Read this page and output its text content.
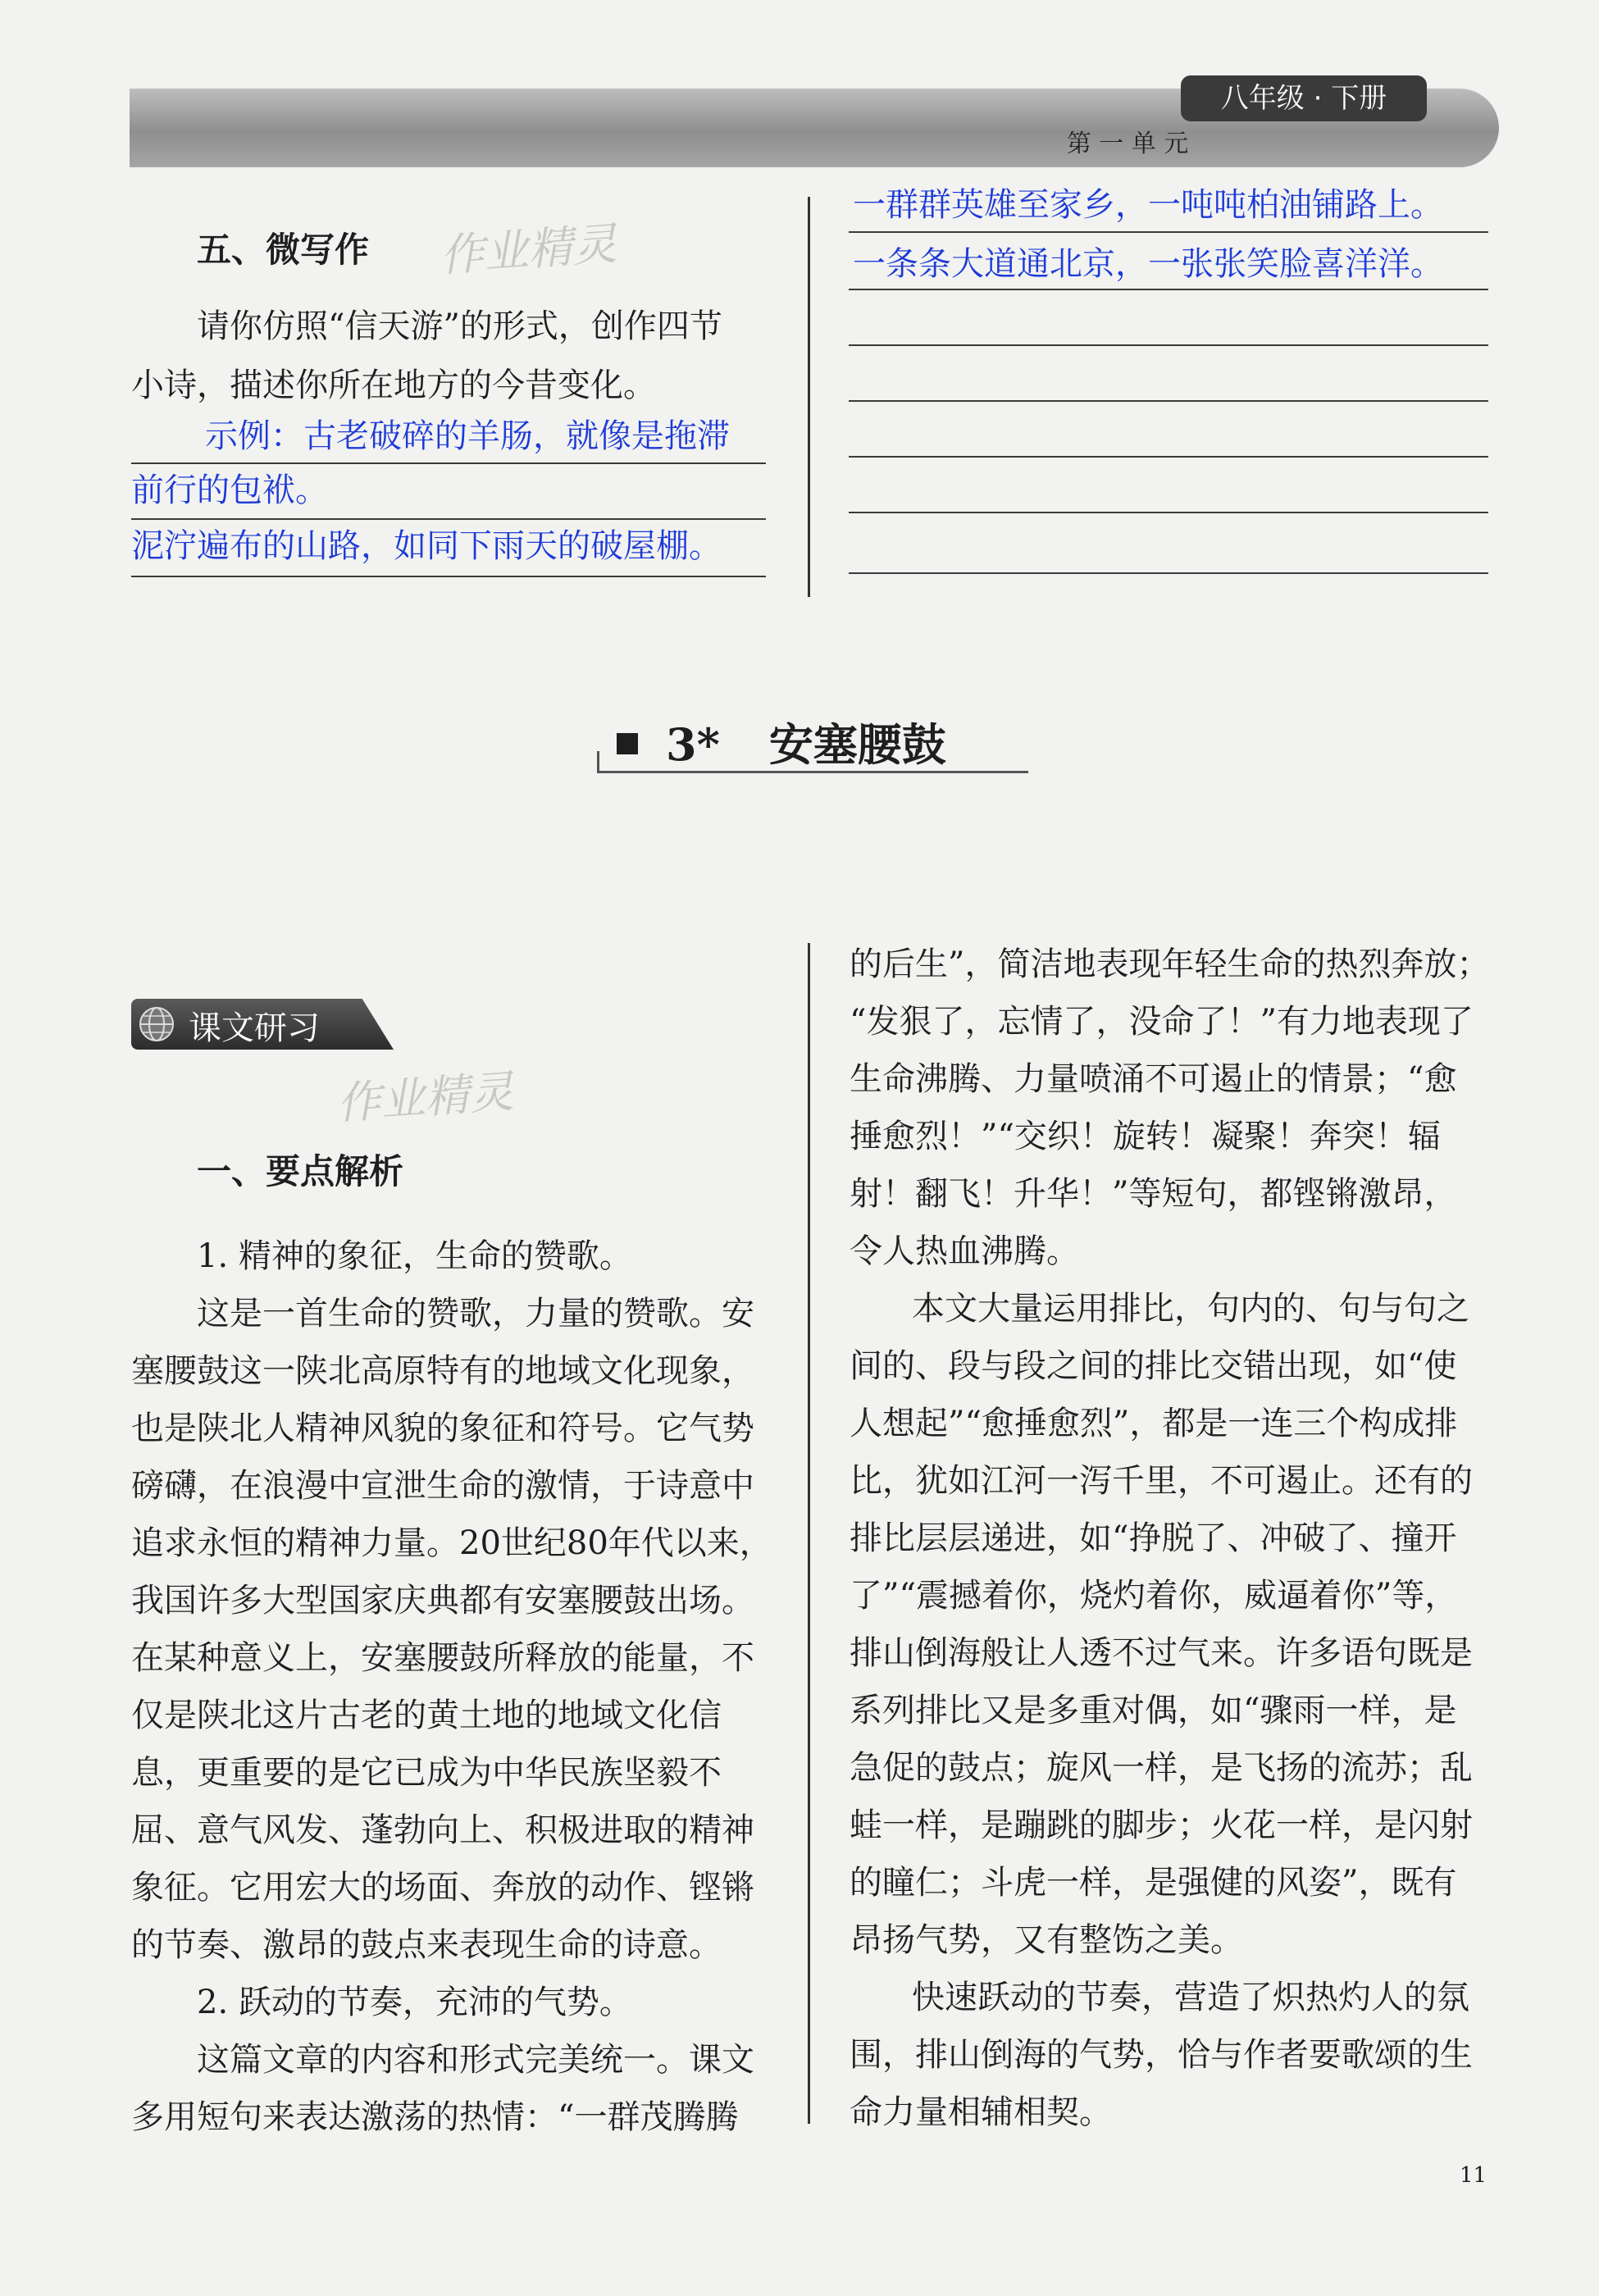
八年级 · 下册
第 一 单 元
五、微写作 作业精灵
请你仿照“信天游”的形式，创作四节
小诗，描述你所在地方的今昔变化。
示例：古老破碎的羊肠，就像是拖滞
前行的包袱。
泥泞遍布的山路，如同下雨天的破屋棚。
一群群英雄至家乡，一吨吨柏油铺路上。
一条条大道通北京，一张张笑脸喜洋洋。
3* 安塞腰鼓
课文研习
作业精灵
一、要点解析
1. 精神的象征，生命的赞歌。
这是一首生命的赞歌，力量的赞歌。安
塞腰鼓这一陕北高原特有的地域文化现象，
也是陕北人精神风貌的象征和符号。它气势
磅礴，在浪漫中宣泄生命的激情，于诗意中
追求永恒的精神力量。20世纪80年代以来，
我国许多大型国家庆典都有安塞腰鼓出场。
在某种意义上，安塞腰鼓所释放的能量，不
仅是陕北这片古老的黄土地的地域文化信
息，更重要的是它已成为中华民族坚毅不
屈、意气风发、蓬勃向上、积极进取的精神
象征。它用宏大的场面、奔放的动作、铿锵
的节奏、激昂的鼓点来表现生命的诗意。
2. 跃动的节奏，充沛的气势。
这篇文章的内容和形式完美统一。课文
多用短句来表达激荡的热情：“一群茂腾腾
的后生”，简洁地表现年轻生命的热烈奔放；
“发狠了，忘情了，没命了！”有力地表现了
生命沸腾、力量喷涌不可遏止的情景；“愈
捶愈烈！”“交织！旋转！凝聚！奔突！辐
射！翻飞！升华！”等短句，都铿锵激昂，
令人热血沸腾。
本文大量运用排比，句内的、句与句之
间的、段与段之间的排比交错出现，如“使
人想起”“愈捶愈烈”，都是一连三个构成排
比，犹如江河一泻千里，不可遏止。还有的
排比层层递进，如“挣脱了、冲破了、撞开
了”“震撼着你，烧灼着你，威逼着你”等，
排山倒海般让人透不过气来。许多语句既是
系列排比又是多重对偶，如“骤雨一样，是
急促的鼓点；旋风一样，是飞扬的流苏；乱
蛙一样，是蹦跳的脚步；火花一样，是闪射
的瞳仁；斗虎一样，是强健的风姿”，既有
昂扬气势，又有整饬之美。
快速跃动的节奏，营造了炽热灼人的氛
围，排山倒海的气势，恰与作者要歌颂的生
命力量相辅相契。
11
